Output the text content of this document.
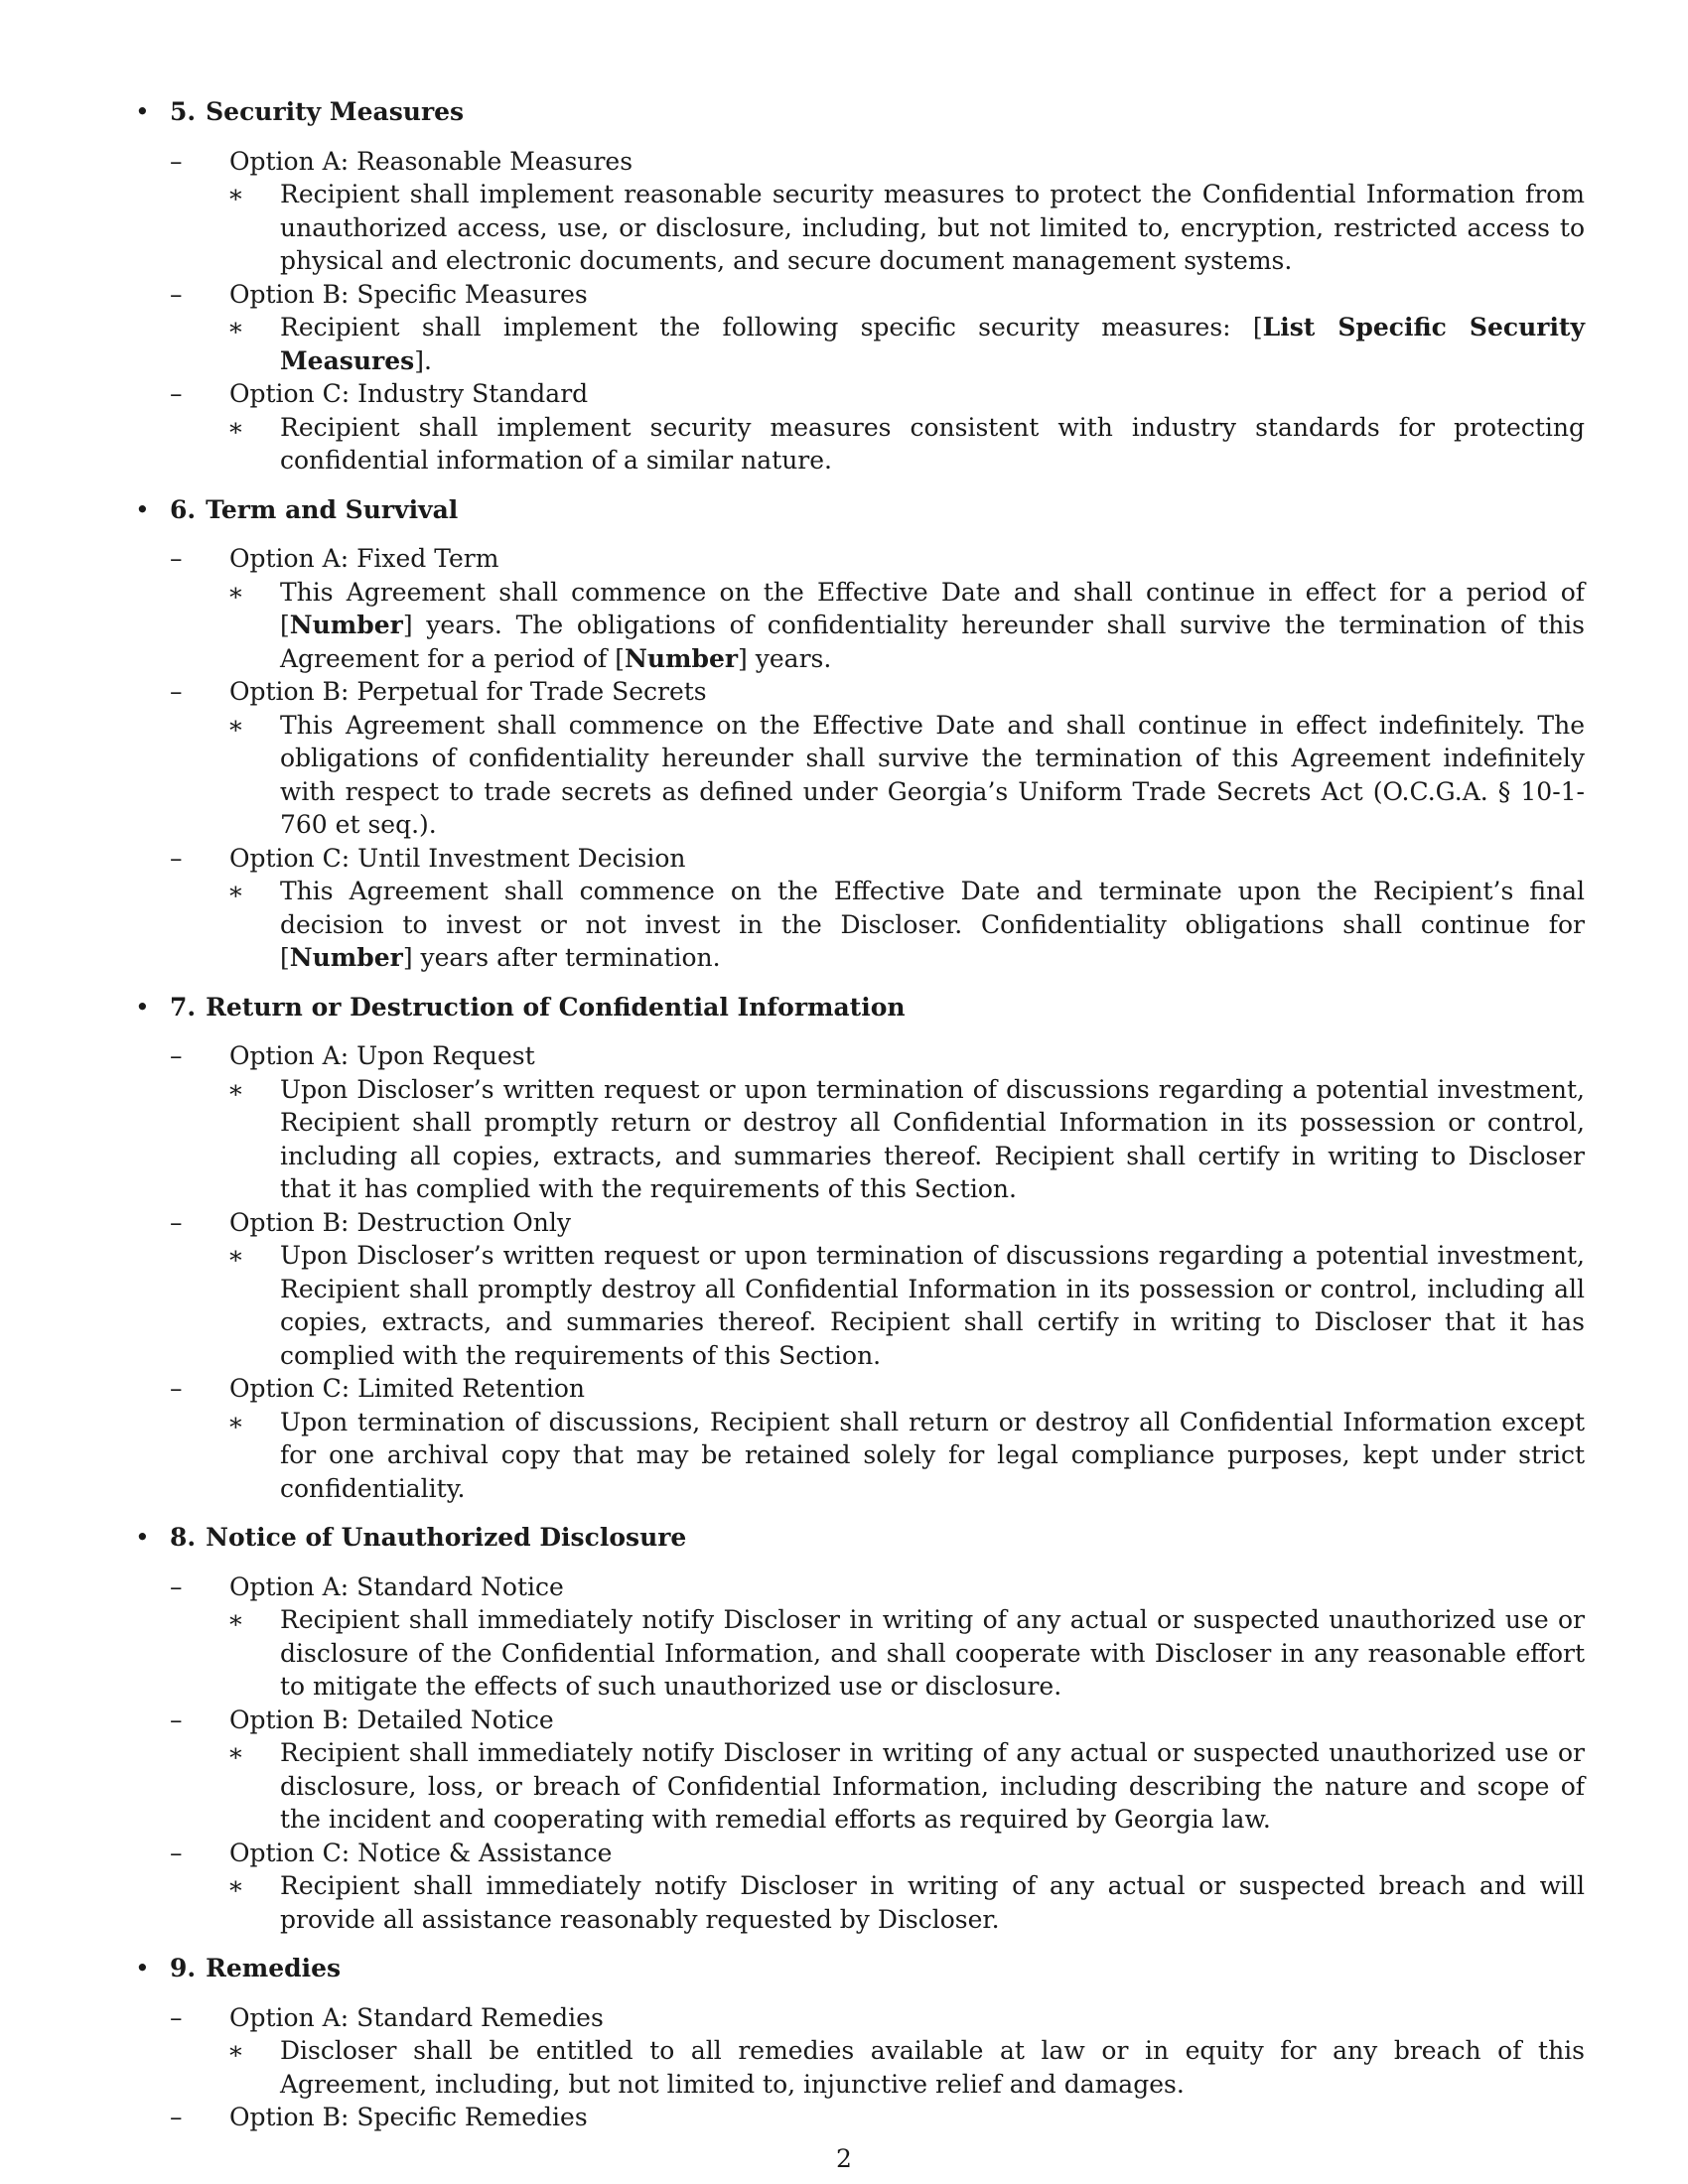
• 5. Security Measures
– Option A: Reasonable Measures
∗ Recipient shall implement reasonable security measures to protect the Confidential Information from unauthorized access, use, or disclosure, including, but not limited to, encryption, restricted access to physical and electronic documents, and secure document management systems.
– Option B: Specific Measures
∗ Recipient shall implement the following specific security measures: [List Specific Security Measures].
– Option C: Industry Standard
∗ Recipient shall implement security measures consistent with industry standards for protecting confidential information of a similar nature.
• 6. Term and Survival
– Option A: Fixed Term
∗ This Agreement shall commence on the Effective Date and shall continue in effect for a period of [Number] years. The obligations of confidentiality hereunder shall survive the termination of this Agreement for a period of [Number] years.
– Option B: Perpetual for Trade Secrets
∗ This Agreement shall commence on the Effective Date and shall continue in effect indefinitely. The obligations of confidentiality hereunder shall survive the termination of this Agreement indefinitely with respect to trade secrets as defined under Georgia’s Uniform Trade Secrets Act (O.C.G.A. § 10-1-760 et seq.).
– Option C: Until Investment Decision
∗ This Agreement shall commence on the Effective Date and terminate upon the Recipient’s final decision to invest or not invest in the Discloser. Confidentiality obligations shall continue for [Number] years after termination.
• 7. Return or Destruction of Confidential Information
– Option A: Upon Request
∗ Upon Discloser’s written request or upon termination of discussions regarding a potential investment, Recipient shall promptly return or destroy all Confidential Information in its possession or control, including all copies, extracts, and summaries thereof. Recipient shall certify in writing to Discloser that it has complied with the requirements of this Section.
– Option B: Destruction Only
∗ Upon Discloser’s written request or upon termination of discussions regarding a potential investment, Recipient shall promptly destroy all Confidential Information in its possession or control, including all copies, extracts, and summaries thereof. Recipient shall certify in writing to Discloser that it has complied with the requirements of this Section.
– Option C: Limited Retention
∗ Upon termination of discussions, Recipient shall return or destroy all Confidential Information except for one archival copy that may be retained solely for legal compliance purposes, kept under strict confidentiality.
• 8. Notice of Unauthorized Disclosure
– Option A: Standard Notice
∗ Recipient shall immediately notify Discloser in writing of any actual or suspected unauthorized use or disclosure of the Confidential Information, and shall cooperate with Discloser in any reasonable effort to mitigate the effects of such unauthorized use or disclosure.
– Option B: Detailed Notice
∗ Recipient shall immediately notify Discloser in writing of any actual or suspected unauthorized use or disclosure, loss, or breach of Confidential Information, including describing the nature and scope of the incident and cooperating with remedial efforts as required by Georgia law.
– Option C: Notice & Assistance
∗ Recipient shall immediately notify Discloser in writing of any actual or suspected breach and will provide all assistance reasonably requested by Discloser.
• 9. Remedies
– Option A: Standard Remedies
∗ Discloser shall be entitled to all remedies available at law or in equity for any breach of this Agreement, including, but not limited to, injunctive relief and damages.
– Option B: Specific Remedies
2
